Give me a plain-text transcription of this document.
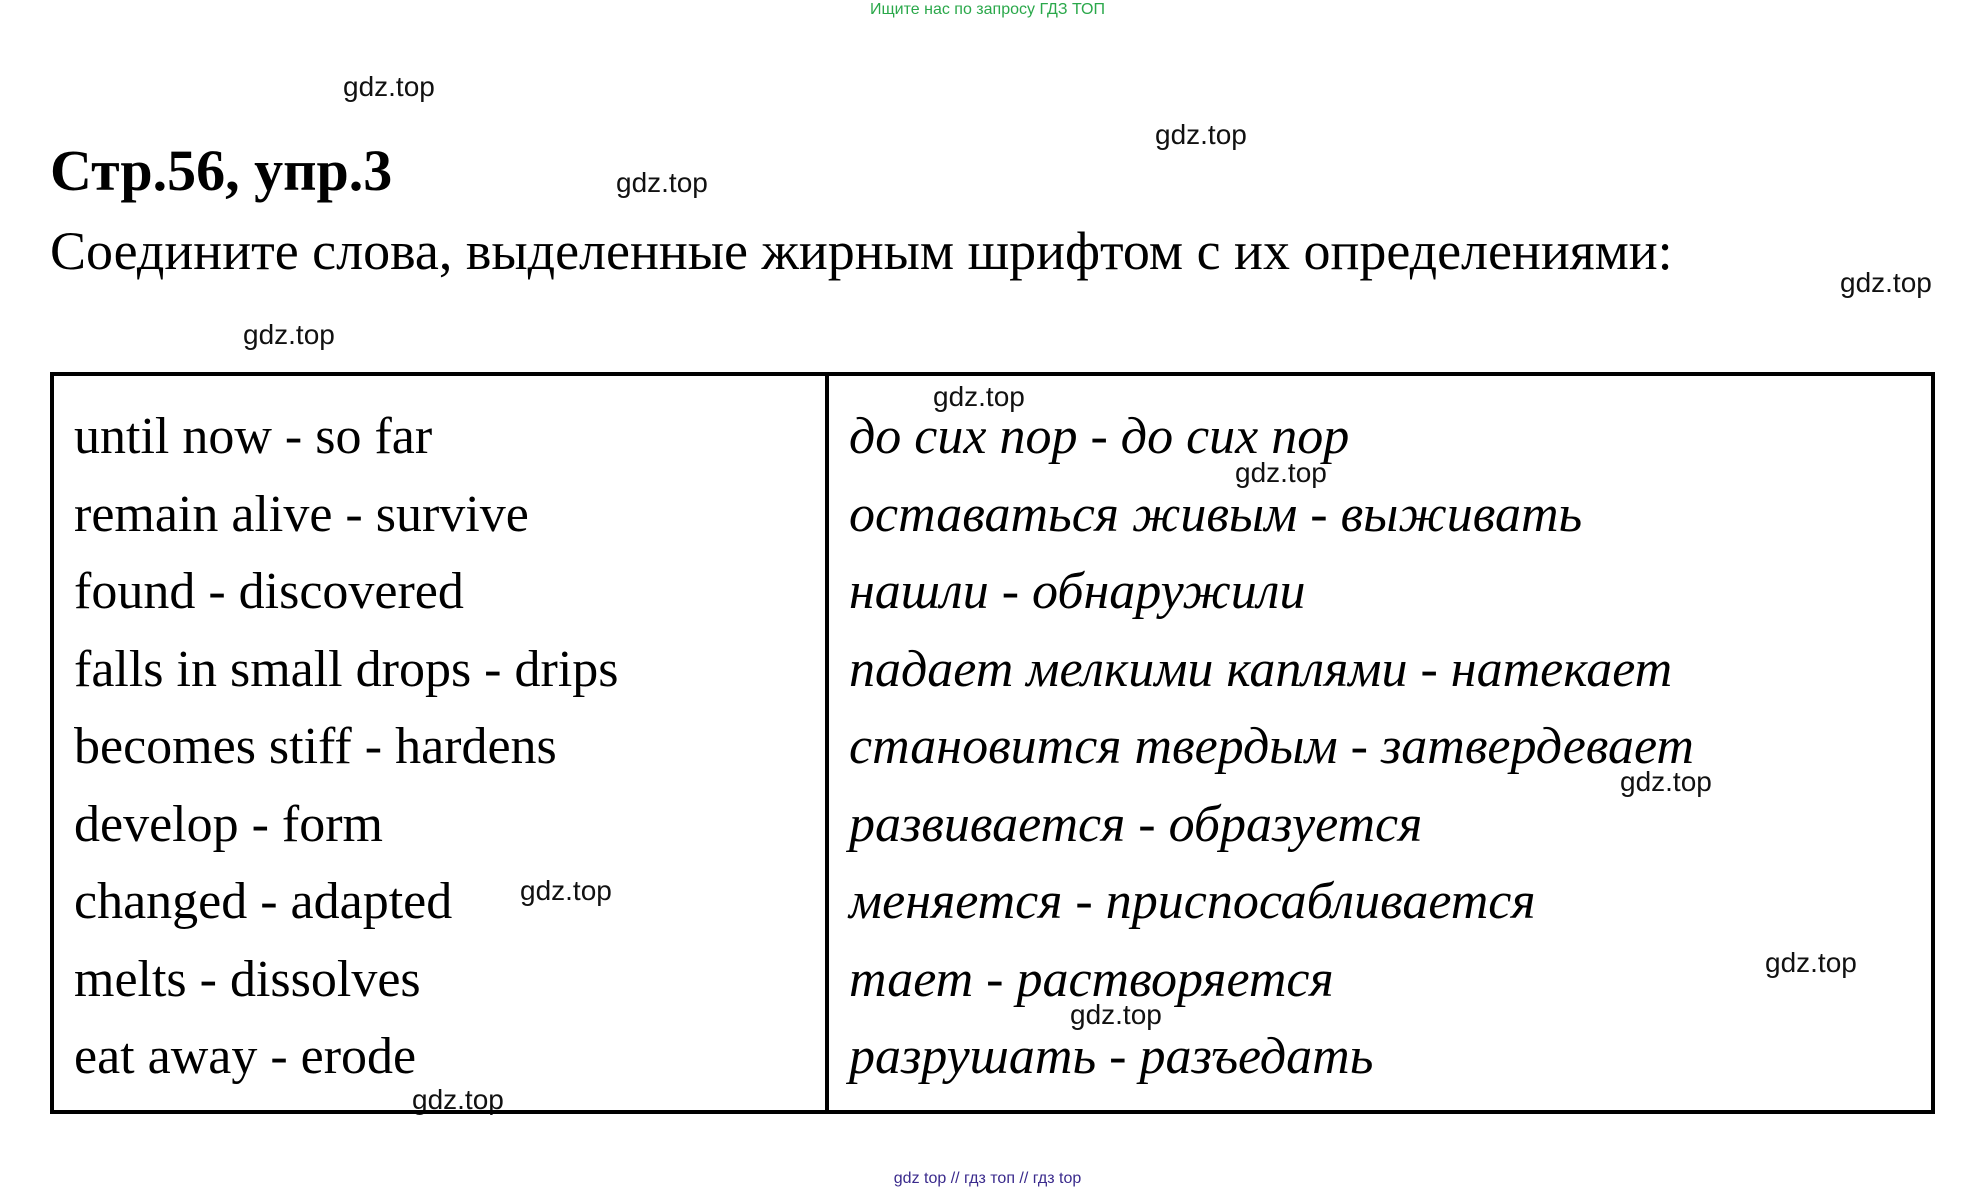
Ищите нас по запросу ГДЗ ТОП
gdz.top
gdz.top
gdz.top
gdz.top
gdz.top
gdz.top
gdz.top
gdz.top
gdz.top
gdz.top
gdz.top
gdz.top
Стр.56, упр.3
Соедините слова, выделенные жирным шрифтом с их определениями:
until now - so far
remain alive - survive
found - discovered
falls in small drops - drips
becomes stiff - hardens
develop - form
changed - adapted
melts - dissolves
eat away - erode
до сих пор - до сих пор
оставаться живым - выживать
нашли - обнаружили
падает мелкими каплями - натекает
становится твердым - затвердевает
развивается - образуется
меняется - приспосабливается
тает - растворяется
разрушать - разъедать
gdz top // гдз топ // гдз top
